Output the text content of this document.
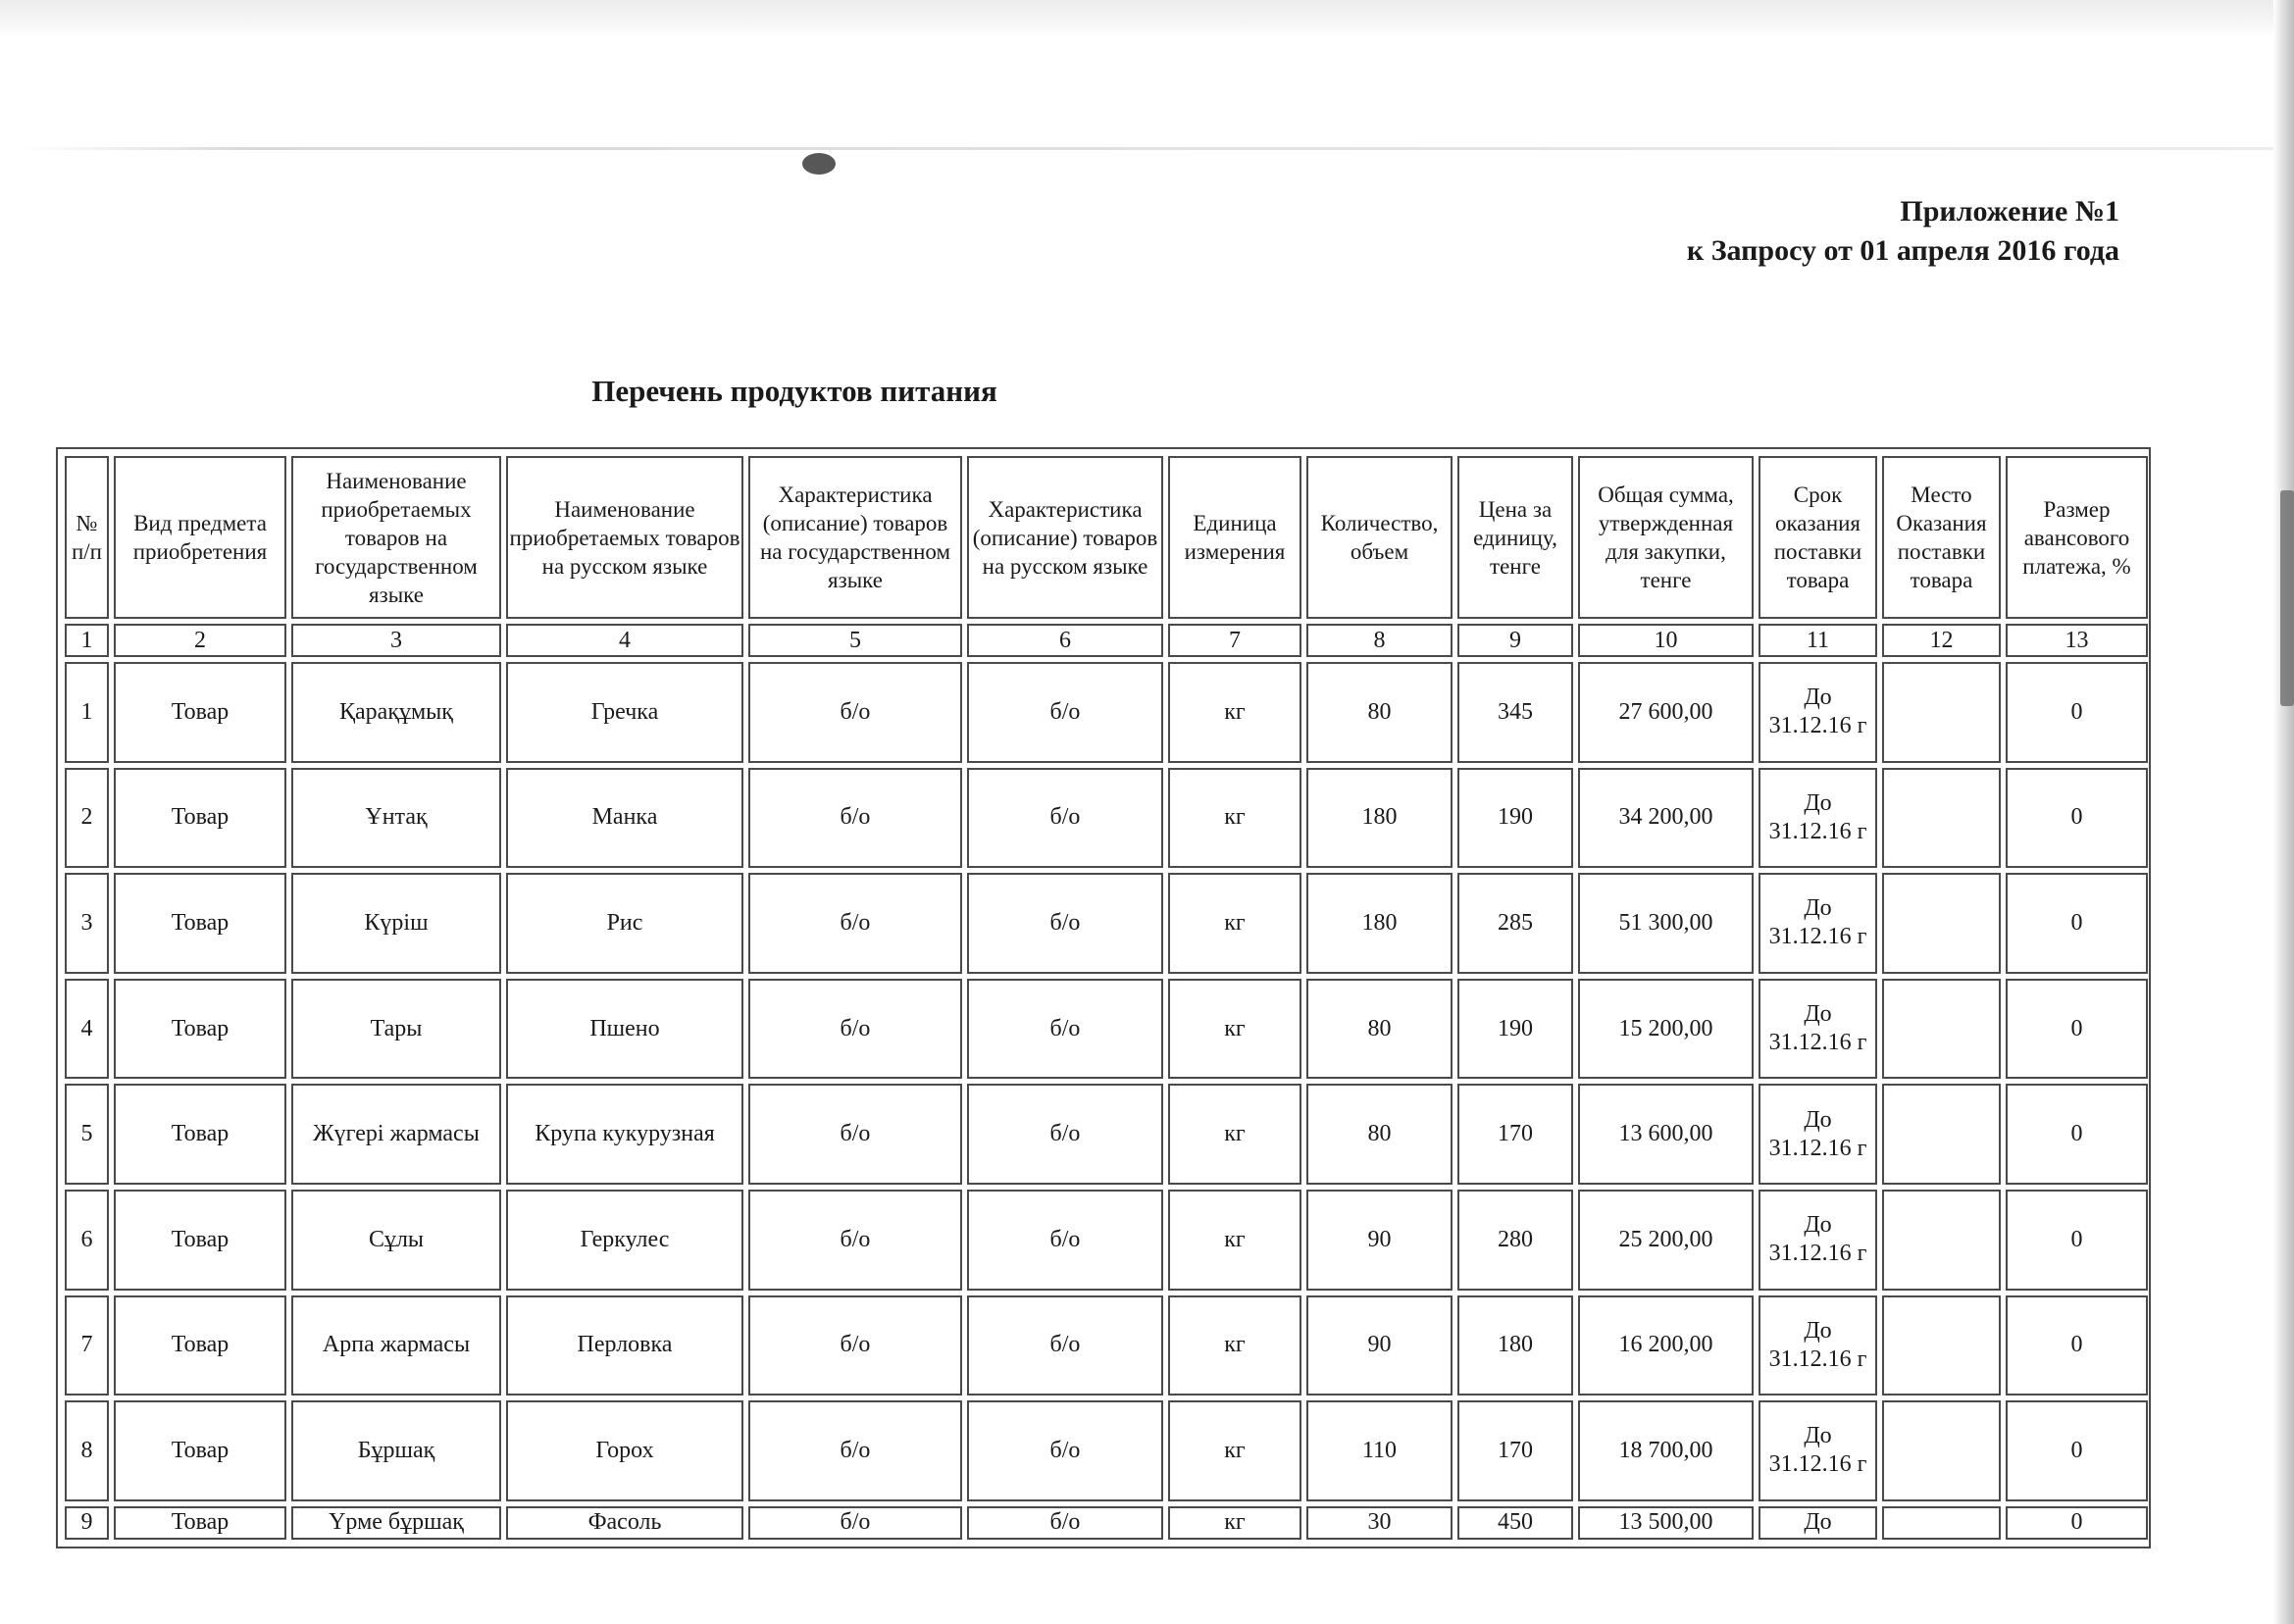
Приложение №1
к Запросу от 01 апреля 2016 года
Перечень продуктов питания
№ п/п	Вид предмета приобретения	Наименование приобретаемых товаров на государственном языке	Наименование приобретаемых товаров на русском языке	Характеристика (описание) товаров на государственном языке	Характеристика (описание) товаров на русском языке	Единица измерения	Количество, объем	Цена за единицу, тенге	Общая сумма, утвержденная для закупки, тенге	Срок оказания поставки товара	Место Оказания поставки товара	Размер авансового платежа, %
1	2	3	4	5	6	7	8	9	10	11	12	13
1	Товар	Қарақұмық	Гречка	б/о	б/о	кг	80	345	27 600,00	До 31.12.16 г		0
2	Товар	Ұнтақ	Манка	б/о	б/о	кг	180	190	34 200,00	До 31.12.16 г		0
3	Товар	Күріш	Рис	б/о	б/о	кг	180	285	51 300,00	До 31.12.16 г		0
4	Товар	Тары	Пшено	б/о	б/о	кг	80	190	15 200,00	До 31.12.16 г		0
5	Товар	Жүгері жармасы	Крупа кукурузная	б/о	б/о	кг	80	170	13 600,00	До 31.12.16 г		0
6	Товар	Сұлы	Геркулес	б/о	б/о	кг	90	280	25 200,00	До 31.12.16 г		0
7	Товар	Арпа жармасы	Перловка	б/о	б/о	кг	90	180	16 200,00	До 31.12.16 г		0
8	Товар	Бұршақ	Горох	б/о	б/о	кг	110	170	18 700,00	До 31.12.16 г		0
9	Товар	Үрме бұршақ	Фасоль	б/о	б/о	кг	30	450	13 500,00	До		0
